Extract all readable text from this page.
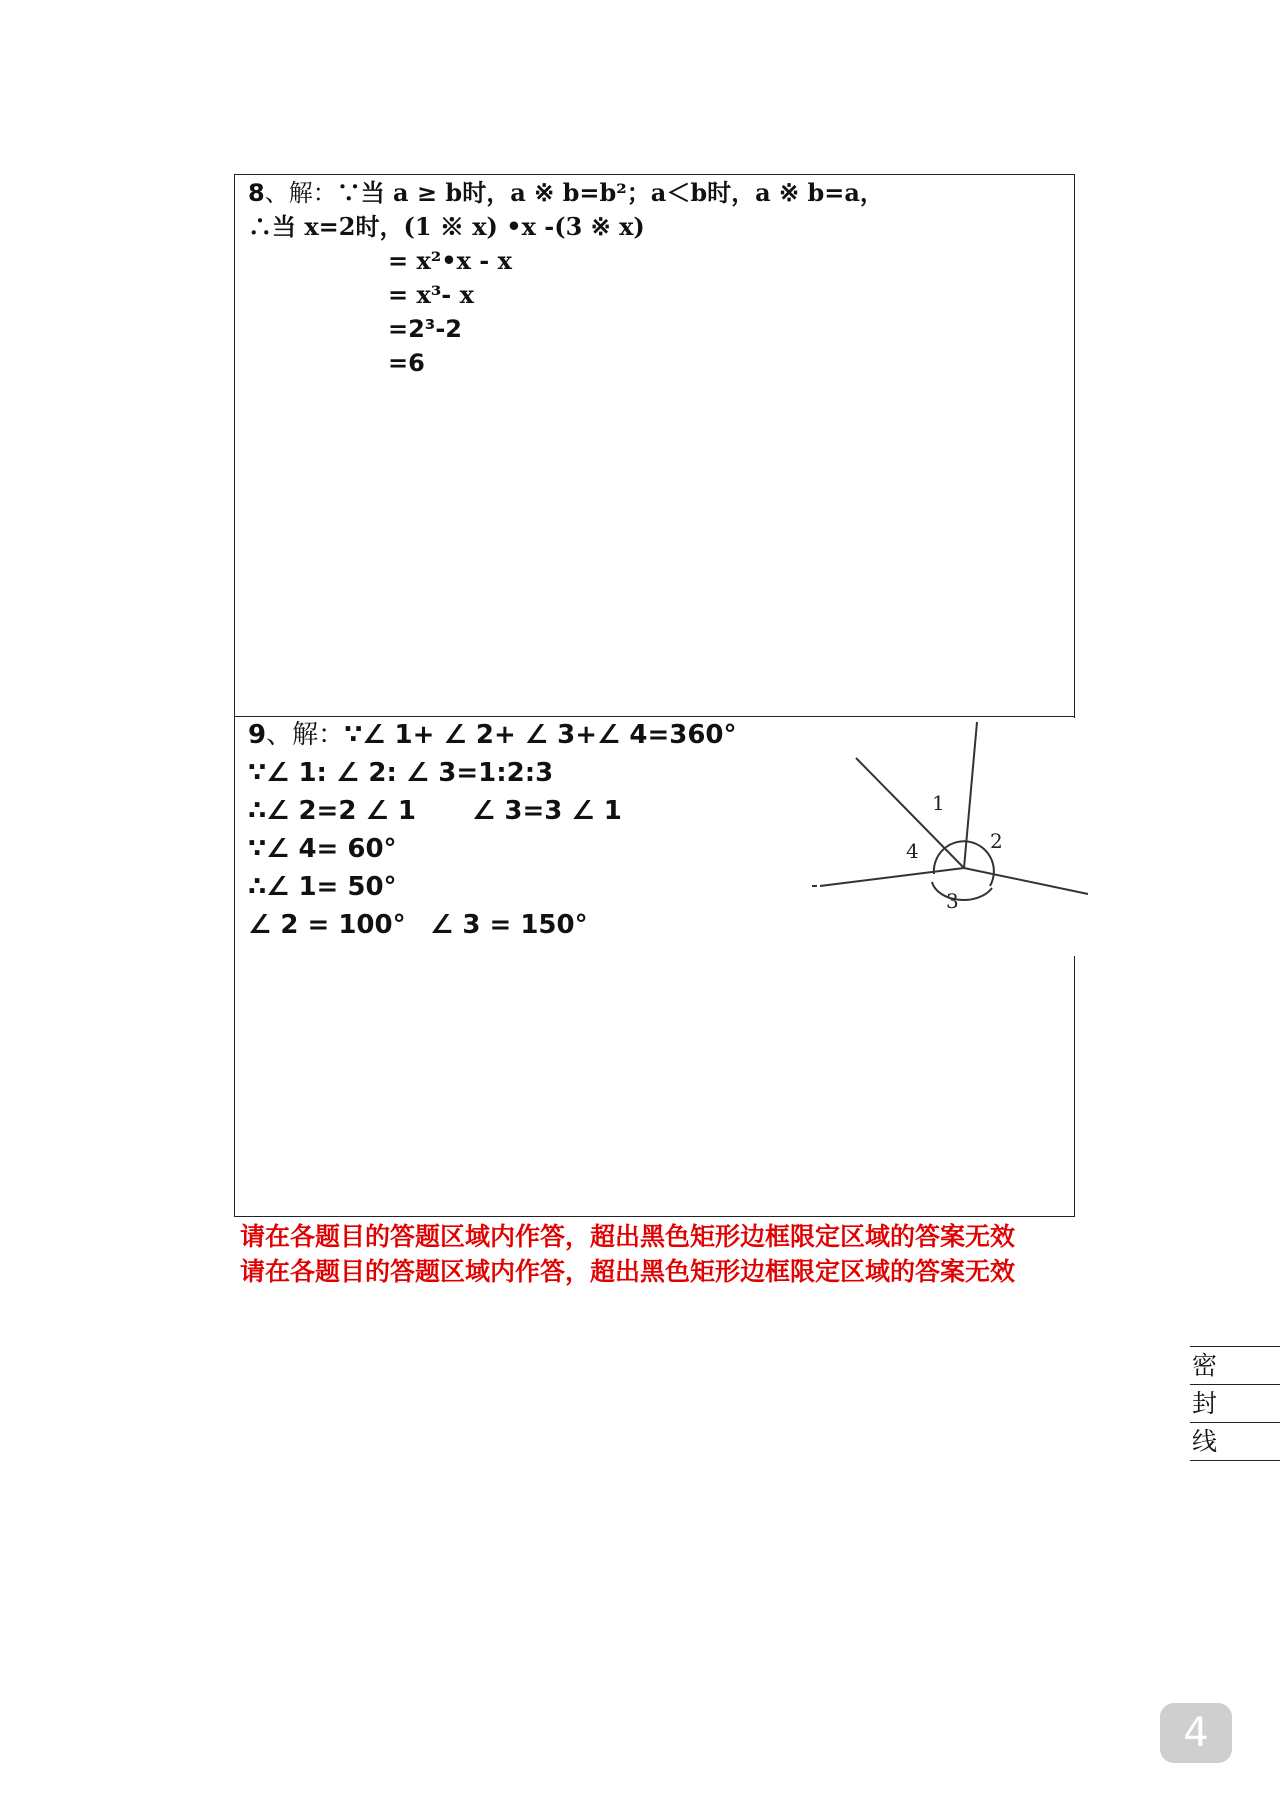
8、解：∵当 a ≥ b时，a ※ b=b²；a＜b时，a ※ b=a，
∴当 x=2时，(1 ※ x) •x -(3 ※ x)
= x²•x - x
= x³- x
=2³-2
=6
9、解：∵∠ 1+ ∠ 2+ ∠ 3+∠ 4=360°
∵∠ 1: ∠ 2: ∠ 3=1:2:3
∴∠ 2=2 ∠ 1 ∠ 3=3 ∠ 1
∵∠ 4= 60°
∴∠ 1= 50°
∠ 2 = 100° ∠ 3 = 150°
1
2
3
4
请在各题目的答题区域内作答，超出黑色矩形边框限定区域的答案无效
请在各题目的答题区域内作答，超出黑色矩形边框限定区域的答案无效
密
封
线
4
